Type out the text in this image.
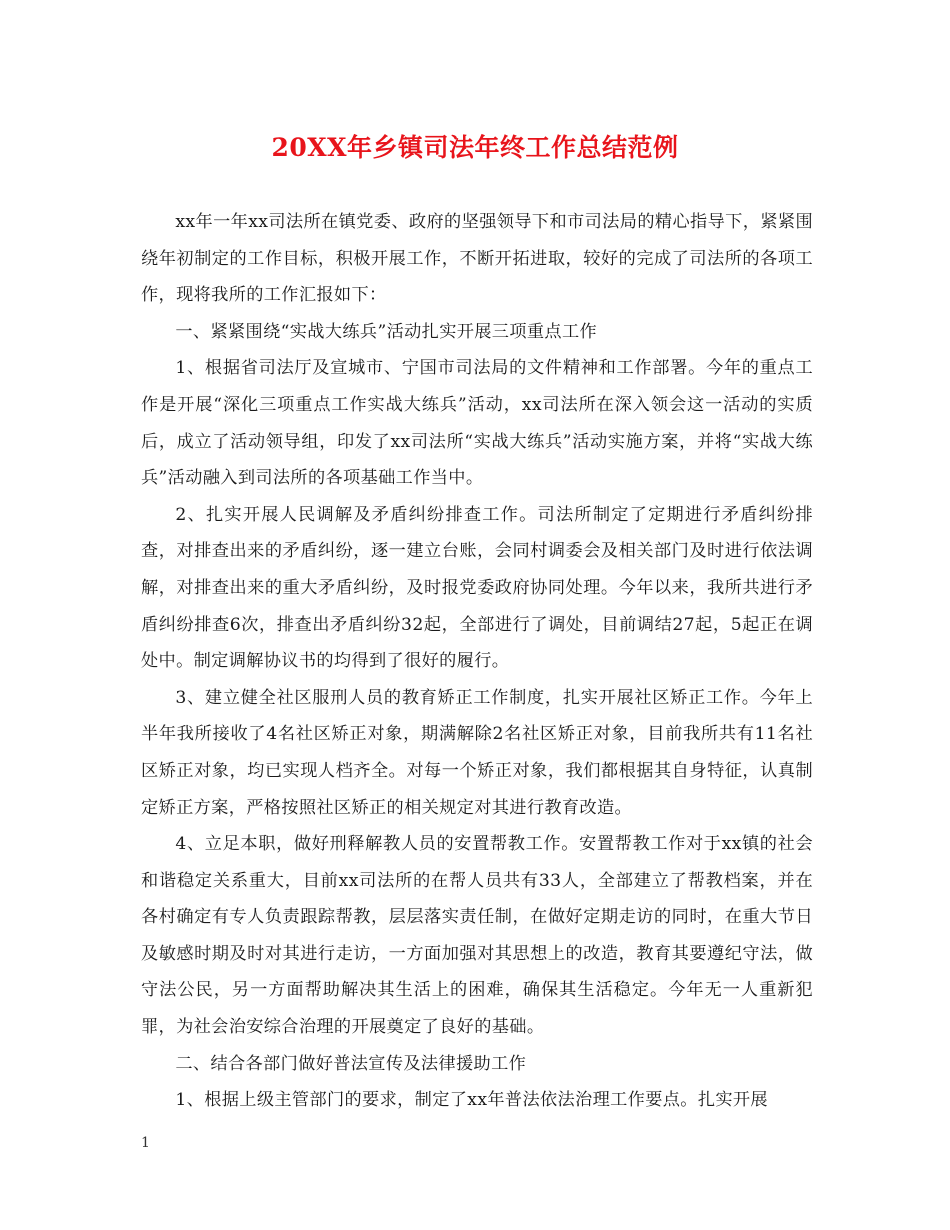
20XX年乡镇司法年终工作总结范例

xx年一年xx司法所在镇党委、政府的坚强领导下和市司法局的精心指导下，紧紧围绕年初制定的工作目标，积极开展工作，不断开拓进取，较好的完成了司法所的各项工作，现将我所的工作汇报如下：

一、紧紧围绕“实战大练兵”活动扎实开展三项重点工作

1、根据省司法厅及宣城市、宁国市司法局的文件精神和工作部署。今年的重点工作是开展“深化三项重点工作实战大练兵”活动，xx司法所在深入领会这一活动的实质后，成立了活动领导组，印发了xx司法所“实战大练兵”活动实施方案，并将“实战大练兵”活动融入到司法所的各项基础工作当中。

2、扎实开展人民调解及矛盾纠纷排查工作。司法所制定了定期进行矛盾纠纷排查，对排查出来的矛盾纠纷，逐一建立台账，会同村调委会及相关部门及时进行依法调解，对排查出来的重大矛盾纠纷，及时报党委政府协同处理。今年以来，我所共进行矛盾纠纷排查6次，排查出矛盾纠纷32起，全部进行了调处，目前调结27起，5起正在调处中。制定调解协议书的均得到了很好的履行。

3、建立健全社区服刑人员的教育矫正工作制度，扎实开展社区矫正工作。今年上半年我所接收了4名社区矫正对象，期满解除2名社区矫正对象，目前我所共有11名社区矫正对象，均已实现人档齐全。对每一个矫正对象，我们都根据其自身特征，认真制定矫正方案，严格按照社区矫正的相关规定对其进行教育改造。

4、立足本职，做好刑释解教人员的安置帮教工作。安置帮教工作对于xx镇的社会和谐稳定关系重大，目前xx司法所的在帮人员共有33人，全部建立了帮教档案，并在各村确定有专人负责跟踪帮教，层层落实责任制，在做好定期走访的同时，在重大节日及敏感时期及时对其进行走访，一方面加强对其思想上的改造，教育其要遵纪守法，做守法公民，另一方面帮助解决其生活上的困难，确保其生活稳定。今年无一人重新犯罪，为社会治安综合治理的开展奠定了良好的基础。

二、结合各部门做好普法宣传及法律援助工作

1、根据上级主管部门的要求，制定了xx年普法依法治理工作要点。扎实开展

1
